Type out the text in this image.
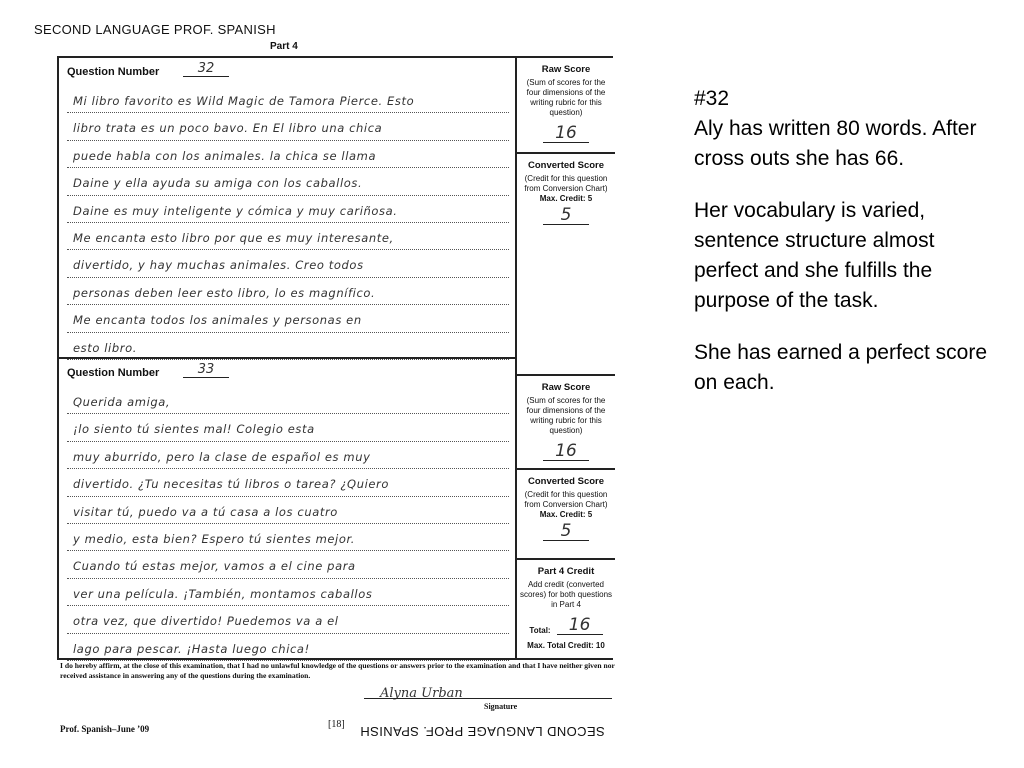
SECOND LANGUAGE PROF. SPANISH
Part 4
Question Number	32
Mi libro favorito es Wild Magic de Tamora Pierce. Esto
libro trata es un poco bavo. En El libro una chica
puede habla con los animales. la chica se llama
Daine y ella ayuda su amiga con los caballos.
Daine es muy inteligente y cómica y muy cariñosa.
Me encanta esto libro por que es muy interesante,
divertido, y hay muchas animales. Creo todos
personas deben leer esto libro, lo es magnífico.
Me encanta todos los animales y personas en
esto libro.
Raw Score
(Sum of scores for the four dimensions of the writing rubric for this question)
16
Converted Score
(Credit for this question from Conversion Chart)
Max. Credit: 5
5
Question Number	33
Querida amiga,
¡lo siento tú sientes mal! Colegio esta
muy aburrido, pero la clase de español es muy
divertido. ¿Tu necesitas tú libros o tarea? ¿Quiero
visitar tú, puedo va a tú casa a los cuatro
y medio, esta bien? Espero tú sientes mejor.
Cuando tú estas mejor, vamos a el cine para
ver una película. ¡También, montamos caballos
otra vez, que divertido! Puedemos va a el
lago para pescar. ¡Hasta luego chica!
Raw Score
(Sum of scores for the four dimensions of the writing rubric for this question)
16
Converted Score
(Credit for this question from Conversion Chart)
Max. Credit: 5
5
Part 4 Credit
Add credit (converted scores) for both questions in Part 4
Total:	16
Max. Total Credit: 10
I do hereby affirm, at the close of this examination, that I had no unlawful knowledge of the questions or answers prior to the examination and that I have neither given nor received assistance in answering any of the questions during the examination.
Alyna Urban
Signature
Prof. Spanish–June ’09	[18] SECOND LANGUAGE PROF. SPANISH

#32

Aly has written 80 words. After cross outs she has 66.

Her vocabulary is varied, sentence structure almost perfect and she fulfills the purpose of the task.

She has earned a perfect score on each.
